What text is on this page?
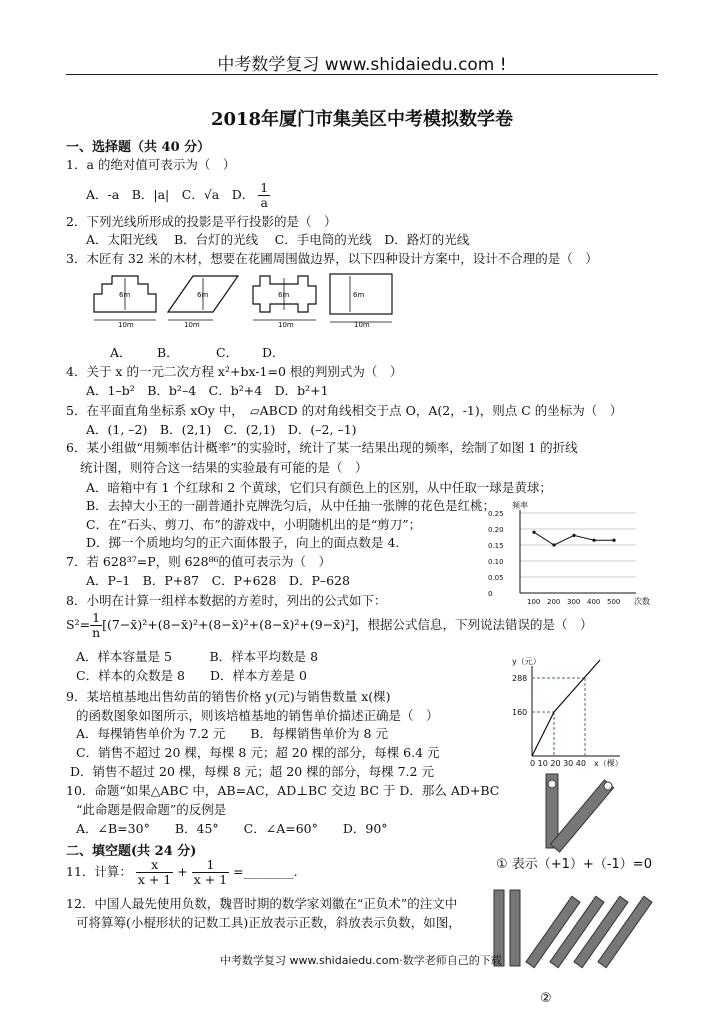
中考数学复习 www.shidaiedu.com !
2018年厦门市集美区中考模拟数学卷
一、选择题（共 40 分）
1．a 的绝对值可表示为（　）
A．-a　B．|a|　C．√a　D． $\frac{1}{a}$
2．下列光线所形成的投影是平行投影的是（　）
A．太阳光线　 B．台灯的光线　 C．手电筒的光线　D．路灯的光线
3．木匠有 32 米的木材，想要在花圃周围做边界，以下四种设计方案中，设计不合理的是（　）
6m
10m
6m
10m
6m
10m
6m
10m
A． B．	C． D．
4．关于 x 的一元二次方程 x²+bx-1=0 根的判别式为（　）
A．1–b²　B．b²–4　C．b²+4　D．b²+1
5．在平面直角坐标系 xOy 中，　▱ABCD 的对角线相交于点 O，A(2，-1)，则点 C 的坐标为（　）
A．(1, –2)　B．(2,1)　C．(2,1)　D．(–2, –1)
6．某小组做“用频率估计概率”的实验时，统计了某一结果出现的频率，绘制了如图 1 的折线
统计图，则符合这一结果的实验最有可能的是（　）
A．暗箱中有 1 个红球和 2 个黄球，它们只有颜色上的区别，从中任取一球是黄球；
B．去掉大小王的一副普通扑克牌洗匀后，从中任抽一张牌的花色是红桃；
C．在“石头、剪刀、布”的游戏中，小明随机出的是“剪刀”；
D．掷一个质地均匀的正六面体骰子，向上的面点数是 4．
频率
次数
0.25
0.20
0.15
0.10
0.05
0
100 200 300 400 500
7．若 628³⁷=P，则 628⁸⁶的值可表示为（　）
A．P–1　B．P+87　C．P+628　D．P–628
8．小明在计算一组样本数据的方差时，列出的公式如下：
$S^2= \frac{1}{n}$ [(7−x̄)²+(8−x̄)²+(8−x̄)²+(8−x̄)²+(9−x̄)²]，根据公式信息，下列说法错误的是（　）
A．样本容量是 5　　　B．样本平均数是 8
C．样本的众数是 8　　D．样本方差是 0
y（元）
288
160
0 10 20 30 40 x（棵）
9．某培植基地出售幼苗的销售价格 y(元)与销售数量 x(棵)
的函数图象如图所示，则该培植基地的销售单价描述正确是（　）
A．每棵销售单价为 7.2 元　　B．每棵销售单价为 8 元
C．销售不超过 20 棵，每棵 8 元；超 20 棵的部分，每棵 6.4 元
D．销售不超过 20 棵，每棵 8 元；超 20 棵的部分，每棵 7.2 元
10．命题“如果△ABC 中，AB=AC，AD⊥BC 交边 BC 于 D．那么 AD+BC
“此命题是假命题”的反例是
A．∠B=30°　　B．45°　　C．∠A=60°　　D．90°
二、填空题(共 24 分)
11．计算： $\frac{x}{x + 1} + \frac{1}{x + 1}$ =________.
12．中国人最先使用负数，魏晋时期的数学家刘徽在“正负术”的注文中
可将算筹(小棍形状的记数工具)正放表示正数，斜放表示负数，如图，
① 表示（+1）+（-1）=0
②
中考数学复习 www.shidaiedu.com·数学老师自己的下载
